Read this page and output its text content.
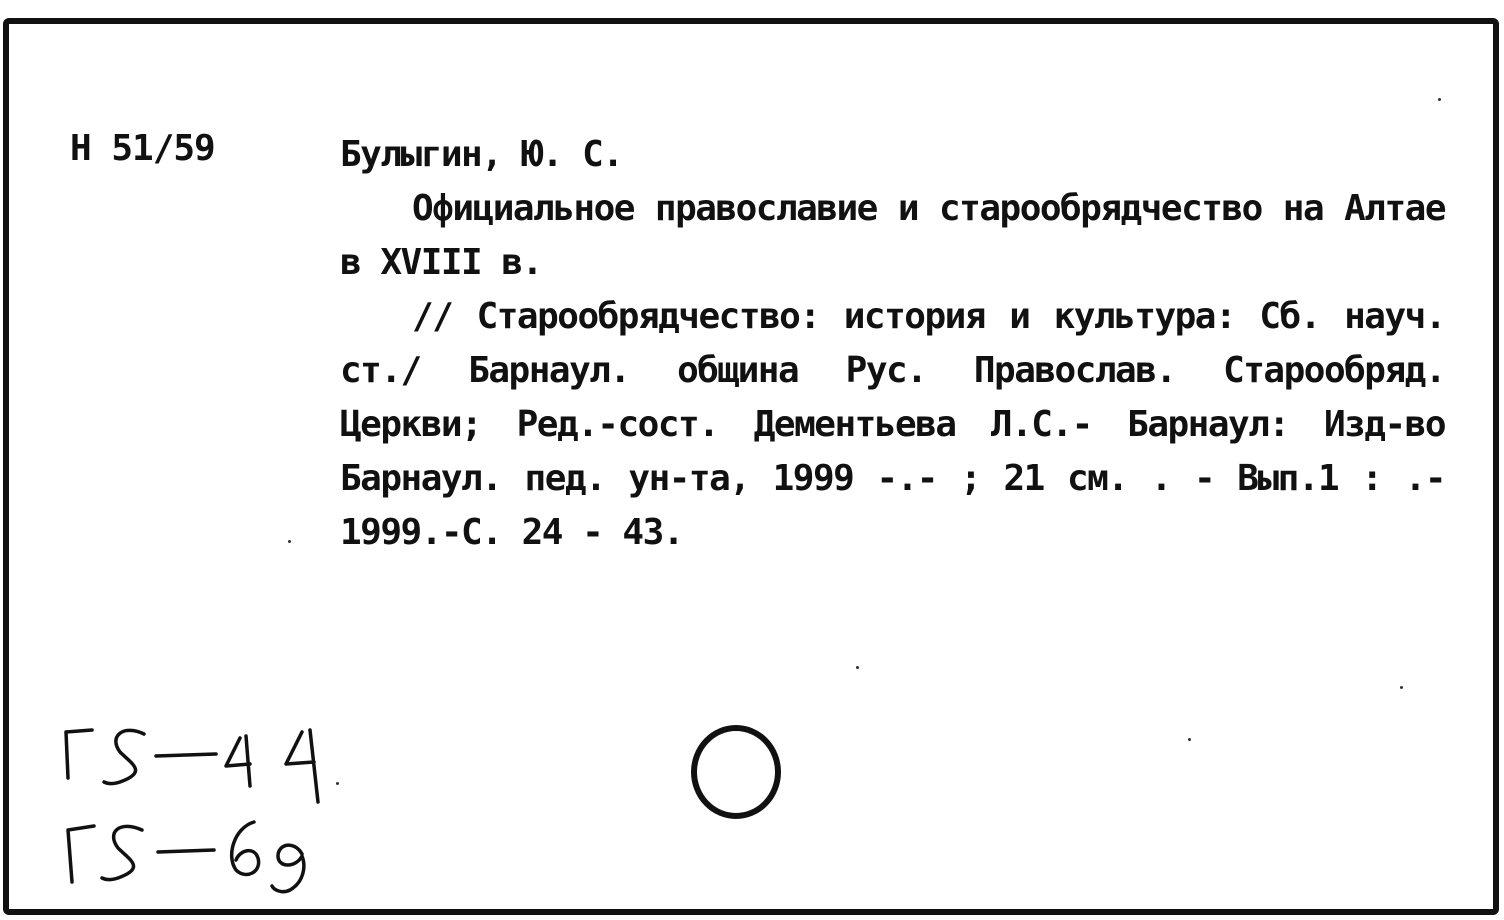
Н 51/59	Булыгин, Ю. С.

Официальное православие и старообрядчество на Алтае в XVIII в.

// Старообрядчество: история и культура: Сб. науч. ст./ Барнаул. община Рус. Православ. Старообряд. Церкви; Ред.-сост. Дементьева Л.С.- Барнаул: Изд-во Барнаул. пед. ун-та, 1999 -.- ; 21 см. . - Вып.1 : .- 1999.-С. 24 - 43.
